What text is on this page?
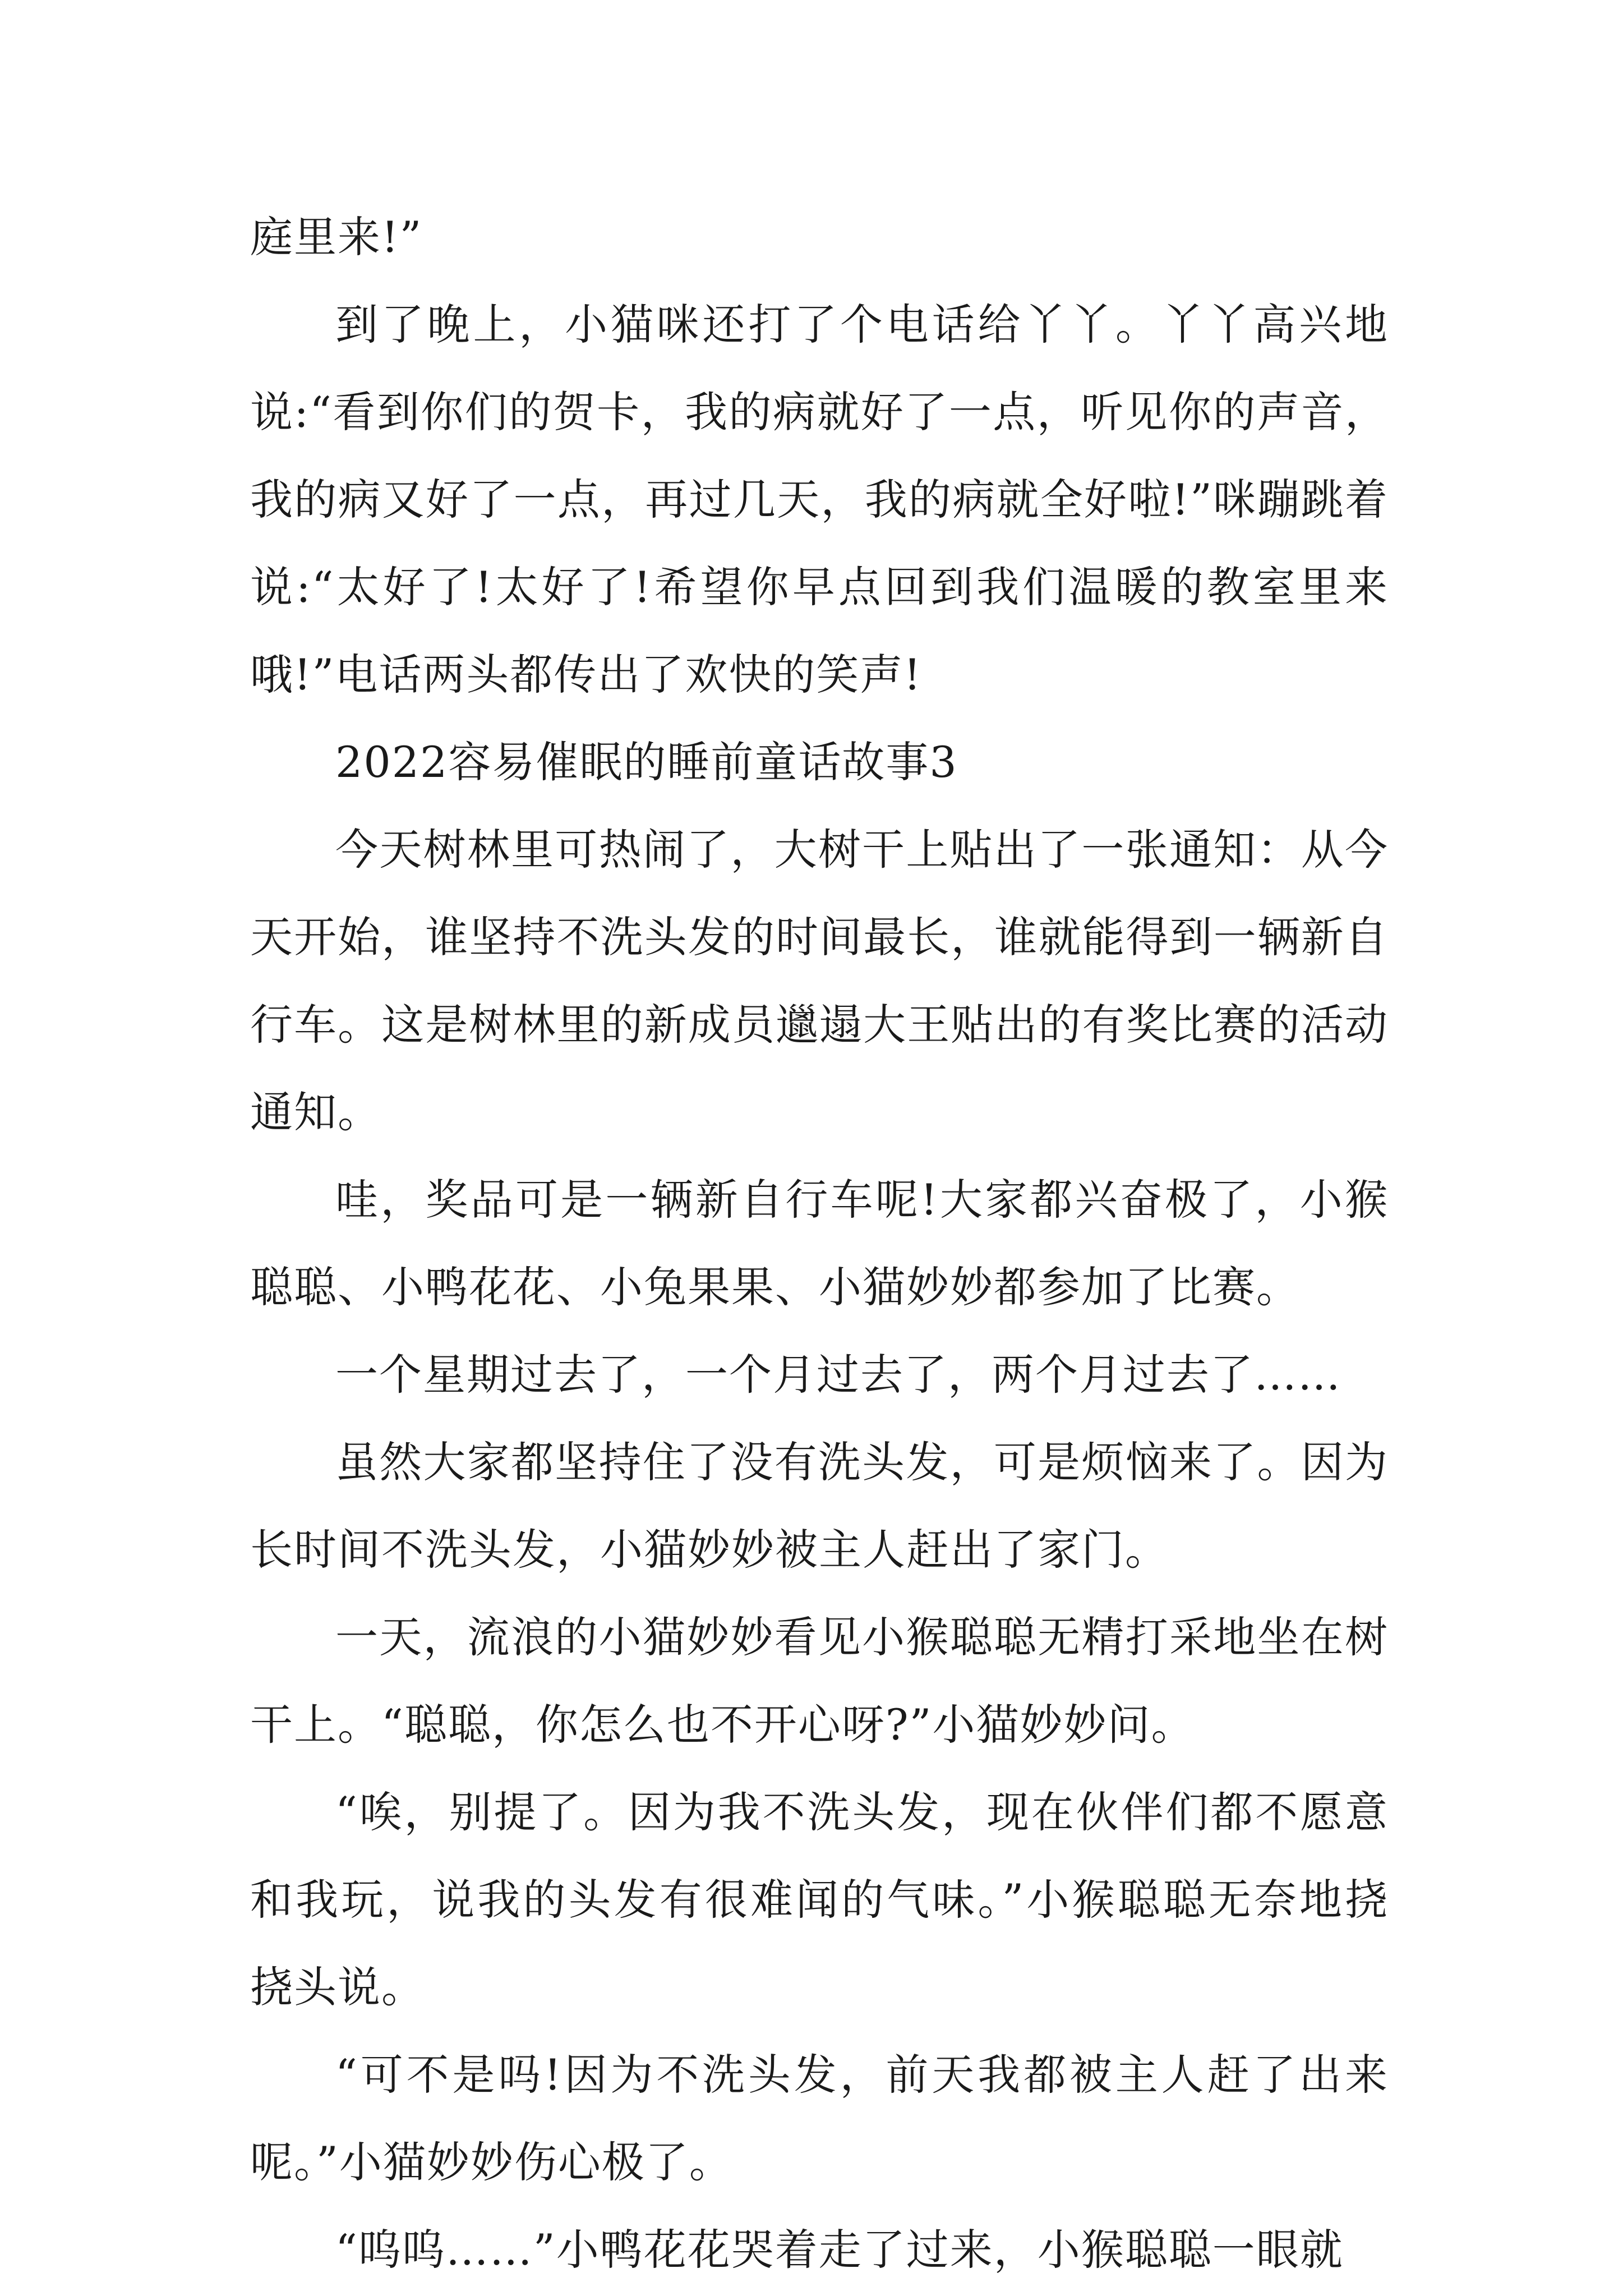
庭里来!”

到了晚上，小猫咪还打了个电话给丫丫。丫丫高兴地说:“看到你们的贺卡，我的病就好了一点，听见你的声音，我的病又好了一点，再过几天，我的病就全好啦!”咪蹦跳着说:“太好了!太好了!希望你早点回到我们温暖的教室里来哦!”电话两头都传出了欢快的笑声!

2022容易催眠的睡前童话故事3

今天树林里可热闹了，大树干上贴出了一张通知：从今天开始，谁坚持不洗头发的时间最长，谁就能得到一辆新自行车。这是树林里的新成员邋遢大王贴出的有奖比赛的活动通知。

哇，奖品可是一辆新自行车呢!大家都兴奋极了，小猴聪聪、小鸭花花、小兔果果、小猫妙妙都参加了比赛。

一个星期过去了，一个月过去了，两个月过去了……

虽然大家都坚持住了没有洗头发，可是烦恼来了。因为长时间不洗头发，小猫妙妙被主人赶出了家门。

一天，流浪的小猫妙妙看见小猴聪聪无精打采地坐在树干上。“聪聪，你怎么也不开心呀?”小猫妙妙问。

“唉，别提了。因为我不洗头发，现在伙伴们都不愿意和我玩，说我的头发有很难闻的气味。”小猴聪聪无奈地挠挠头说。

“可不是吗!因为不洗头发，前天我都被主人赶了出来呢。”小猫妙妙伤心极了。

“呜呜……”小鸭花花哭着走了过来，小猴聪聪一眼就
